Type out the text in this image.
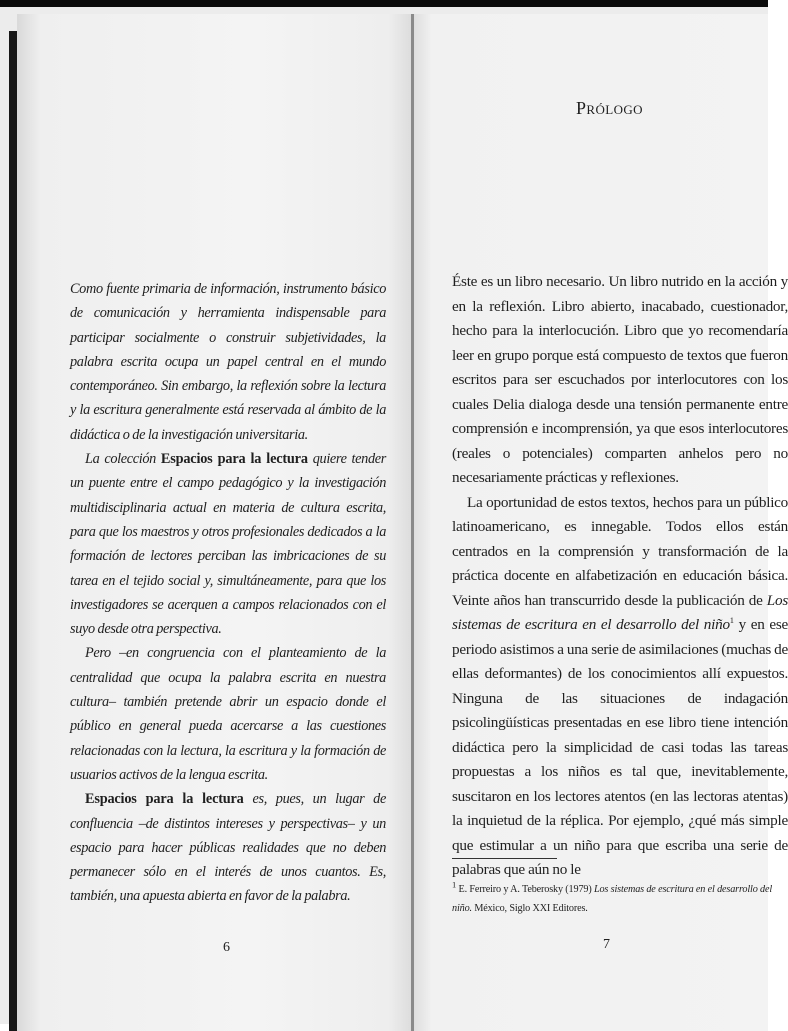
Como fuente primaria de información, instrumento básico de comunicación y herramienta indispensable para participar socialmente o construir subjetividades, la palabra escrita ocupa un papel central en el mundo contemporáneo. Sin embargo, la reflexión sobre la lectura y la escritura generalmente está reservada al ámbito de la didáctica o de la investigación universitaria.

La colección Espacios para la lectura quiere tender un puente entre el campo pedagógico y la investigación multidisciplinaria actual en materia de cultura escrita, para que los maestros y otros profesionales dedicados a la formación de lectores perciban las imbricaciones de su tarea en el tejido social y, simultáneamente, para que los investigadores se acerquen a campos relacionados con el suyo desde otra perspectiva.

Pero –en congruencia con el planteamiento de la centralidad que ocupa la palabra escrita en nuestra cultura– también pretende abrir un espacio donde el público en general pueda acercarse a las cuestiones relacionadas con la lectura, la escritura y la formación de usuarios activos de la lengua escrita.

Espacios para la lectura es, pues, un lugar de confluencia –de distintos intereses y perspectivas– y un espacio para hacer públicas realidades que no deben permanecer sólo en el interés de unos cuantos. Es, también, una apuesta abierta en favor de la palabra.

6
Prólogo

Éste es un libro necesario. Un libro nutrido en la acción y en la reflexión. Libro abierto, inacabado, cuestionador, hecho para la interlocución. Libro que yo recomendaría leer en grupo porque está compuesto de textos que fueron escritos para ser escuchados por interlocutores con los cuales Delia dialoga desde una tensión permanente entre comprensión e incomprensión, ya que esos interlocutores (reales o potenciales) comparten anhelos pero no necesariamente prácticas y reflexiones.

La oportunidad de estos textos, hechos para un público latinoamericano, es innegable. Todos ellos están centrados en la comprensión y transformación de la práctica docente en alfabetización en educación básica. Veinte años han transcurrido desde la publicación de Los sistemas de escritura en el desarrollo del niño$^1$ y en ese periodo asistimos a una serie de asimilaciones (muchas de ellas deformantes) de los conocimientos allí expuestos. Ninguna de las situaciones de indagación psicolingüísticas presentadas en ese libro tiene intención didáctica pero la simplicidad de casi todas las tareas propuestas a los niños es tal que, inevitablemente, suscitaron en los lectores atentos (en las lectoras atentas) la inquietud de la réplica. Por ejemplo, ¿qué más simple que estimular a un niño para que escriba una serie de palabras que aún no le

$^1$ E. Ferreiro y A. Teberosky (1979) Los sistemas de escritura en el desarrollo del niño. México, Siglo XXI Editores.
7
